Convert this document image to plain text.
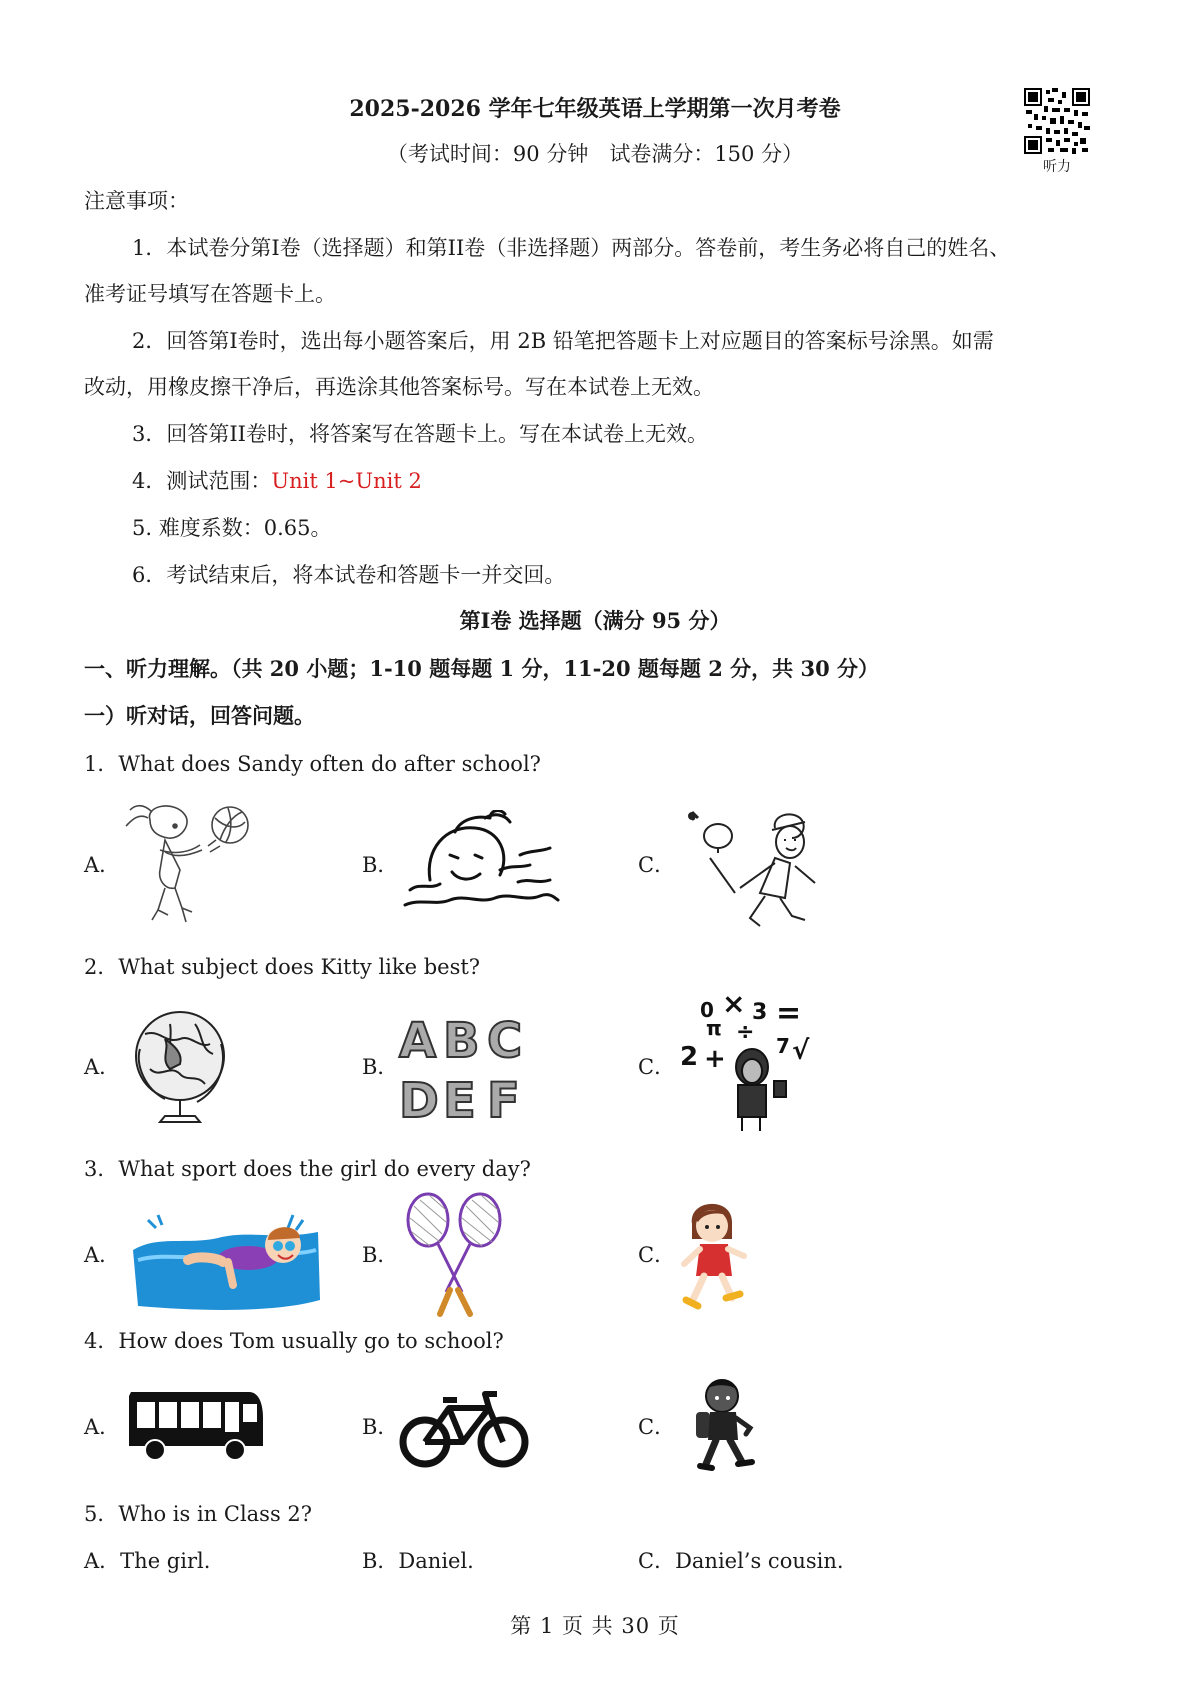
2025-2026 学年七年级英语上学期第一次月考卷
（考试时间：90 分钟　试卷满分：150 分）
听力
注意事项：
1．本试卷分第I卷（选择题）和第II卷（非选择题）两部分。答卷前，考生务必将自己的姓名、
准考证号填写在答题卡上。
2．回答第I卷时，选出每小题答案后，用 2B 铅笔把答题卡上对应题目的答案标号涂黑。如需
改动，用橡皮擦干净后，再选涂其他答案标号。写在本试卷上无效。
3．回答第II卷时，将答案写在答题卡上。写在本试卷上无效。
4．测试范围：Unit 1~Unit 2
5. 难度系数：0.65。
6．考试结束后，将本试卷和答题卡一并交回。
第I卷 选择题（满分 95 分）
一、听力理解。（共 20 小题；1-10 题每题 1 分，11-20 题每题 2 分，共 30 分）
一）听对话，回答问题。
1．What does Sandy often do after school?
A．	B．	C．
2．What subject does Kitty like best?
A．	B．	C．
A B C
D E F
0 × 3 =
π ÷
2 +	7 √
3．What sport does the girl do every day?
A．	B．	C．
4．How does Tom usually go to school?
A．	B．	C．
5．Who is in Class 2?
A．The girl.	B．Daniel.	C．Daniel’s cousin.
第 1 页 共 30 页
